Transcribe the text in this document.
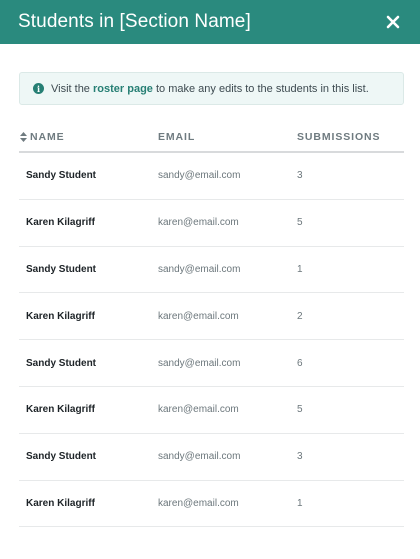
Students in [Section Name]
i Visit the roster page to make any edits to the students in this list.
NAME	EMAIL	SUBMISSIONS
Sandy Student	sandy@email.com	3
Karen Kilagriff	karen@email.com	5
Sandy Student	sandy@email.com	1
Karen Kilagriff	karen@email.com	2
Sandy Student	sandy@email.com	6
Karen Kilagriff	karen@email.com	5
Sandy Student	sandy@email.com	3
Karen Kilagriff	karen@email.com	1
